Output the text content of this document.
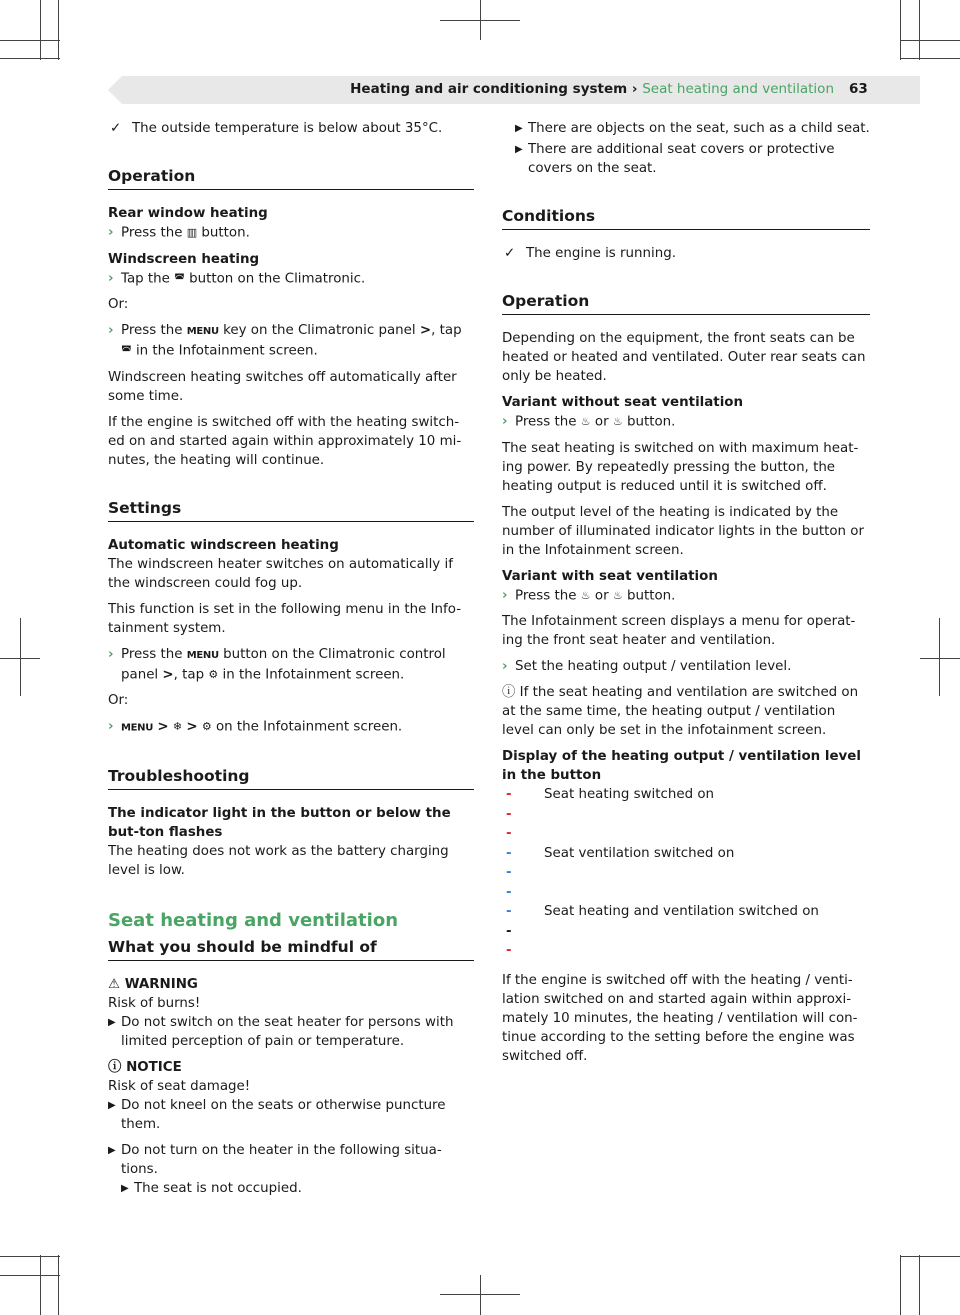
Heating and air conditioning system › Seat heating and ventilation 63
✓ The outside temperature is below about 35°C.
Operation
Rear window heating
› Press the ▥ button.
Windscreen heating
› Tap the ◚ button on the Climatronic.

Or:

› Press the MENU key on the Climatronic panel >, tap
◚ in the Infotainment screen.

Windscreen heating switches off automatically after some time.

If the engine is switched off with the heating switch-ed on and started again within approximately 10 mi-nutes, the heating will continue.

Settings
Automatic windscreen heating

The windscreen heater switches on automatically if the windscreen could fog up.

This function is set in the following menu in the Info-tainment system.

› Press the MENU button on the Climatronic control panel >, tap ⚙ in the Infotainment screen.

Or:

› MENU > ❄ > ⚙ on the Infotainment screen.
Troubleshooting
The indicator light in the button or below the but-ton flashes

The heating does not work as the battery charging level is low.

Seat heating and ventilation
What you should be mindful of
⚠ WARNING
Risk of burns!
▶ Do not switch on the seat heater for persons with limited perception of pain or temperature.
ⓘ NOTICE
Risk of seat damage!
▶ Do not kneel on the seats or otherwise puncture them.
▶ Do not turn on the heater in the following situa-tions.
▶ The seat is not occupied.
▶ There are objects on the seat, such as a child seat.
▶ There are additional seat covers or protective covers on the seat.
Conditions
✓ The engine is running.
Operation

Depending on the equipment, the front seats can be heated or heated and ventilated. Outer rear seats can only be heated.

Variant without seat ventilation
› Press the ♨ or ♨ button.

The seat heating is switched on with maximum heat-ing power. By repeatedly pressing the button, the heating output is reduced until it is switched off.

The output level of the heating is indicated by the number of illuminated indicator lights in the button or in the Infotainment screen.

Variant with seat ventilation
› Press the ♨ or ♨ button.

The Infotainment screen displays a menu for operat-ing the front seat heater and ventilation.

› Set the heating output / ventilation level.

ⓘ If the seat heating and ventilation are switched on at the same time, the heating output / ventilation level can only be set in the infotainment screen.

Display of the heating output / ventilation level in the button
- Seat heating switched on
-
-
- Seat ventilation switched on
-
-
- Seat heating and ventilation switched on
-
-

If the engine is switched off with the heating / venti-lation switched on and started again within approxi-mately 10 minutes, the heating / ventilation will con-tinue according to the setting before the engine was switched off.
